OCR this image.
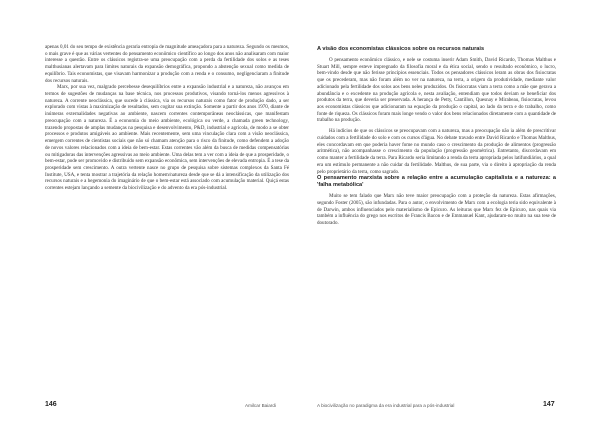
apenas 0,01 do seu tempo de existência geraria entropia de magnitude ameaçadora para a natureza. Segundo os mesmos, o mais grave é que as várias vertentes do pensamento econômico científico ao longo dos anos não analisaram com maior interesse a questão. Entre os clássicos registra-se uma preocupação com a perda da fertilidade dos solos e as teses malthusianas alertavam para limites naturais da expansão demográfica, propondo a abstenção sexual como medida de equilíbrio. Tais economistas, que visavam harmonizar a produção com a renda e o consumo, negligenciaram a finitude dos recursos naturais.

Marx, por sua vez, malgrado percebesse desequilíbrios entre a expansão industrial e a natureza, não avançou em termos de sugestões de mudanças na base técnica, nos processos produtivos, visando torná-los menos agressivos à natureza. A corrente neoclássica, que sucede à clássica, via os recursos naturais como fator de produção dado, a ser explorado com vistas à maximização de resultados, sem cogitar sua extinção. Somente a partir dos anos 1970, diante de inúmeras externalidades negativas ao ambiente, nascem correntes contemporâneas neoclássicas, que manifestam preocupação com a natureza. É a economia do meio ambiente, ecológica ou verde, a chamada green technology, trazendo propostas de amplas mudanças na pesquisa e desenvolvimento, P&D, industrial e agrícola, de modo a se obter processos e produtos amigáveis ao ambiente. Mais recentemente, sem uma vinculação clara com a visão neoclássica, emergem correntes de cientistas sociais que não só chamam atenção para o risco da finitude, como defendem a adoção de novos valores relacionados com a ideia de bem-estar. Estas correntes vão além da busca de medidas compensatórias ou mitigadoras das intervenções agressivas ao meio ambiente. Uma delas tem a ver com a ideia de que a prosperidade, o bem-estar, pode ser promovido e distribuído sem expansão econômica, sem intervenções de elevada entropia. É a tese da prosperidade sem crescimento. A outra vertente nasce no grupo de pesquisa sobre sistemas complexos da Santa Fé Institute, USA, e tenta mostrar a trajetória da relação homem/natureza desde que se dá a intensificação da utilização dos recursos naturais e a hegemonia do imaginário de que o bem-estar está associado com acumulação material. Quiçá estas correntes estejam lançando a semente da biocivilização e do advento da era pós-industrial.

A visão dos economistas clássicos sobre os recursos naturais

O pensamento econômico clássico, e nele se costuma inserir Adam Smith, David Ricardo, Thomas Malthus e Stuart Mill, sempre esteve impregnado da filosofia moral e da ética social, sendo o resultado econômico, o lucro, bem-vindo desde que não ferisse princípios essenciais. Todos os pensadores clássicos leram as obras dos fisiocratas que os precederam, mas não foram além no ver na natureza, na terra, a origem da produtividade, mediante valor adicionado pela fertilidade dos solos aos bens neles produzidos. Os fisiocratas viam a terra como a mãe que gerava a abundância e o excedente na produção agrícola e, nesta avaliação, entendiam que todos deviam se beneficiar dos produtos da terra, que deveria ser preservada. A herança de Petty, Cantillon, Quesnay e Mirabeau, fisiocratas, levou aos economistas clássicos que adicionaram na equação da produção o capital, ao lado da terra e do trabalho, como fonte de riqueza. Os clássicos foram mais longe vendo o valor dos bens relacionados diretamente com a quantidade de trabalho na produção.

Há indícios de que os clássicos se preocupavam com a natureza, mas a preocupação não ia além de prescritivar cuidados com a fertilidade do solo e com os cursos d'água. No debate travado entre David Ricardo e Thomas Malthus, eles concordavam em que poderia haver fome no mundo caso o crescimento da produção de alimentos (progressão aritmética), não acompanhasse o crescimento da população (progressão geométrica). Entretanto, discordavam em como manter a fertilidade da terra. Para Ricardo seria limitando a renda da terra apropriada pelos latifundiários, a qual era um estímulo permanente a não cuidar da fertilidade. Malthus, de sua parte, via o direito à apropriação da renda pelo proprietário da terra, como sagrado.

O pensamento marxista sobre a relação entre a acumulação capitalista e a natureza: a 'falha metabólica'

Muito se tem falado que Marx não teve maior preocupação com a proteção da natureza. Estas afirmações, segundo Foster (2005), são infundadas. Para o autor, o envolvimento de Marx com a ecologia teria sido equivalente à de Darwin, ambos influenciados pelo materialismo de Epicuro. As leituras que Marx fez de Epicuro, nas quais via também a influência do grego nos escritos de Francis Bacon e de Emmanuel Kant, ajudaram-no muito na sua tese de doutorado.

146	Amilcar Baiardi	A biocivilização no paradigma da era industrial para a pós-industrial	147
